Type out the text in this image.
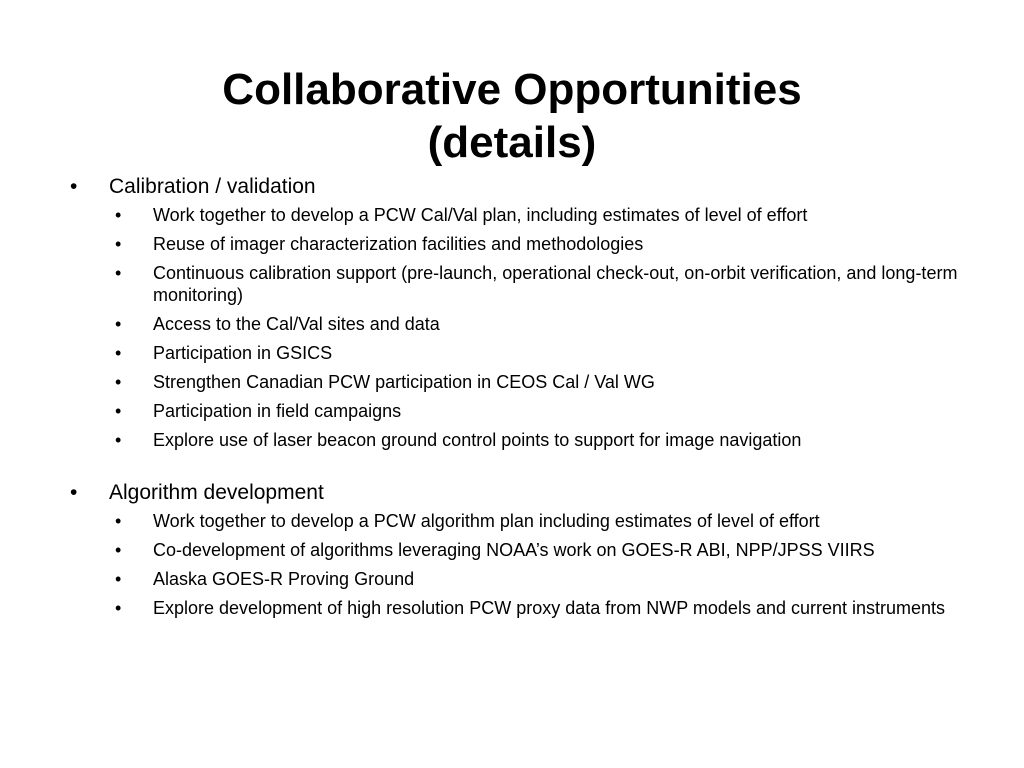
Collaborative Opportunities
(details)
• Calibration / validation
• Work together to develop a PCW Cal/Val plan, including estimates of level of effort
• Reuse of imager characterization facilities and methodologies
• Continuous calibration support (pre-launch, operational check-out, on-orbit verification, and long-term monitoring)
• Access to the Cal/Val sites and data
• Participation in GSICS
• Strengthen Canadian PCW participation in CEOS Cal / Val WG
• Participation in field campaigns
• Explore use of laser beacon ground control points to support for image navigation
• Algorithm development
• Work together to develop a PCW algorithm plan including estimates of level of effort
• Co-development of algorithms leveraging NOAA’s work on GOES-R ABI, NPP/JPSS VIIRS
• Alaska GOES-R Proving Ground
• Explore development of high resolution PCW proxy data from NWP models and current instruments
